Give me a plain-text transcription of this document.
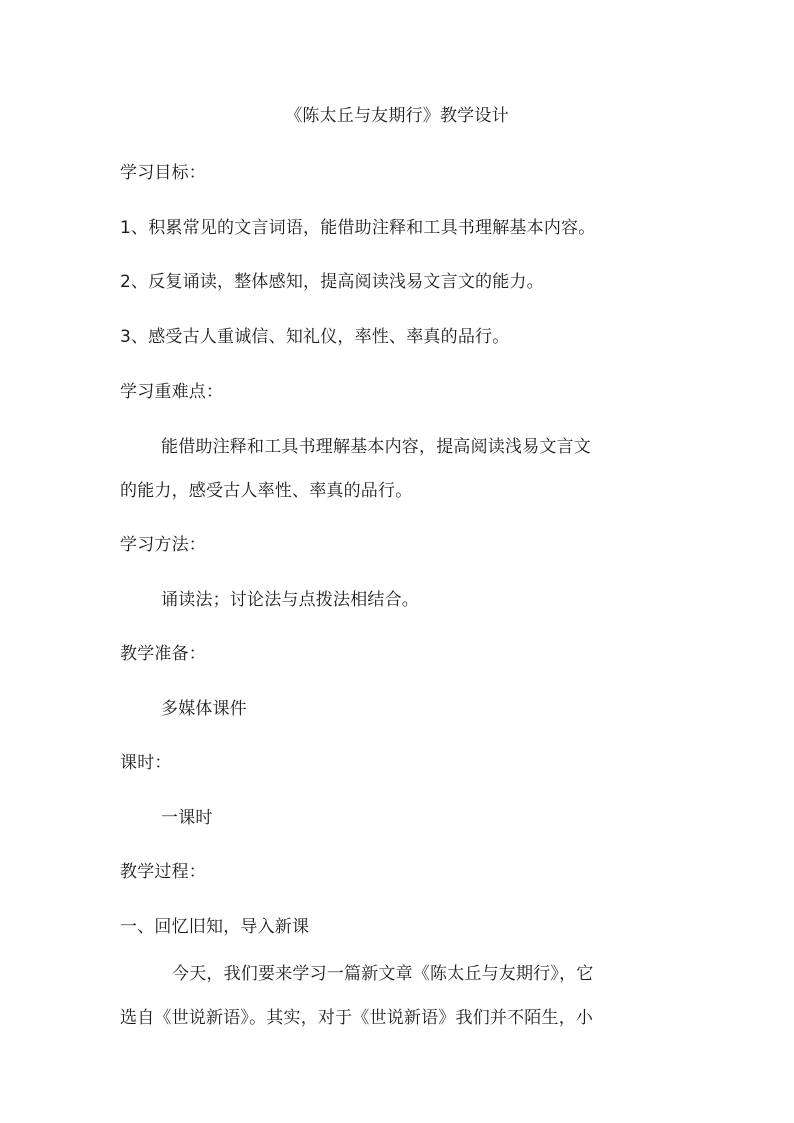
《陈太丘与友期行》教学设计
学习目标：
1、积累常见的文言词语，能借助注释和工具书理解基本内容。
2、反复诵读，整体感知，提高阅读浅易文言文的能力。
3、感受古人重诚信、知礼仪，率性、率真的品行。
学习重难点：
能借助注释和工具书理解基本内容，提高阅读浅易文言文
的能力，感受古人率性、率真的品行。
学习方法：
诵读法；讨论法与点拨法相结合。
教学准备：
多媒体课件
课时：
一课时
教学过程：
一、回忆旧知，导入新课
今天，我们要来学习一篇新文章《陈太丘与友期行》，它
选自《世说新语》。其实，对于《世说新语》我们并不陌生，小
